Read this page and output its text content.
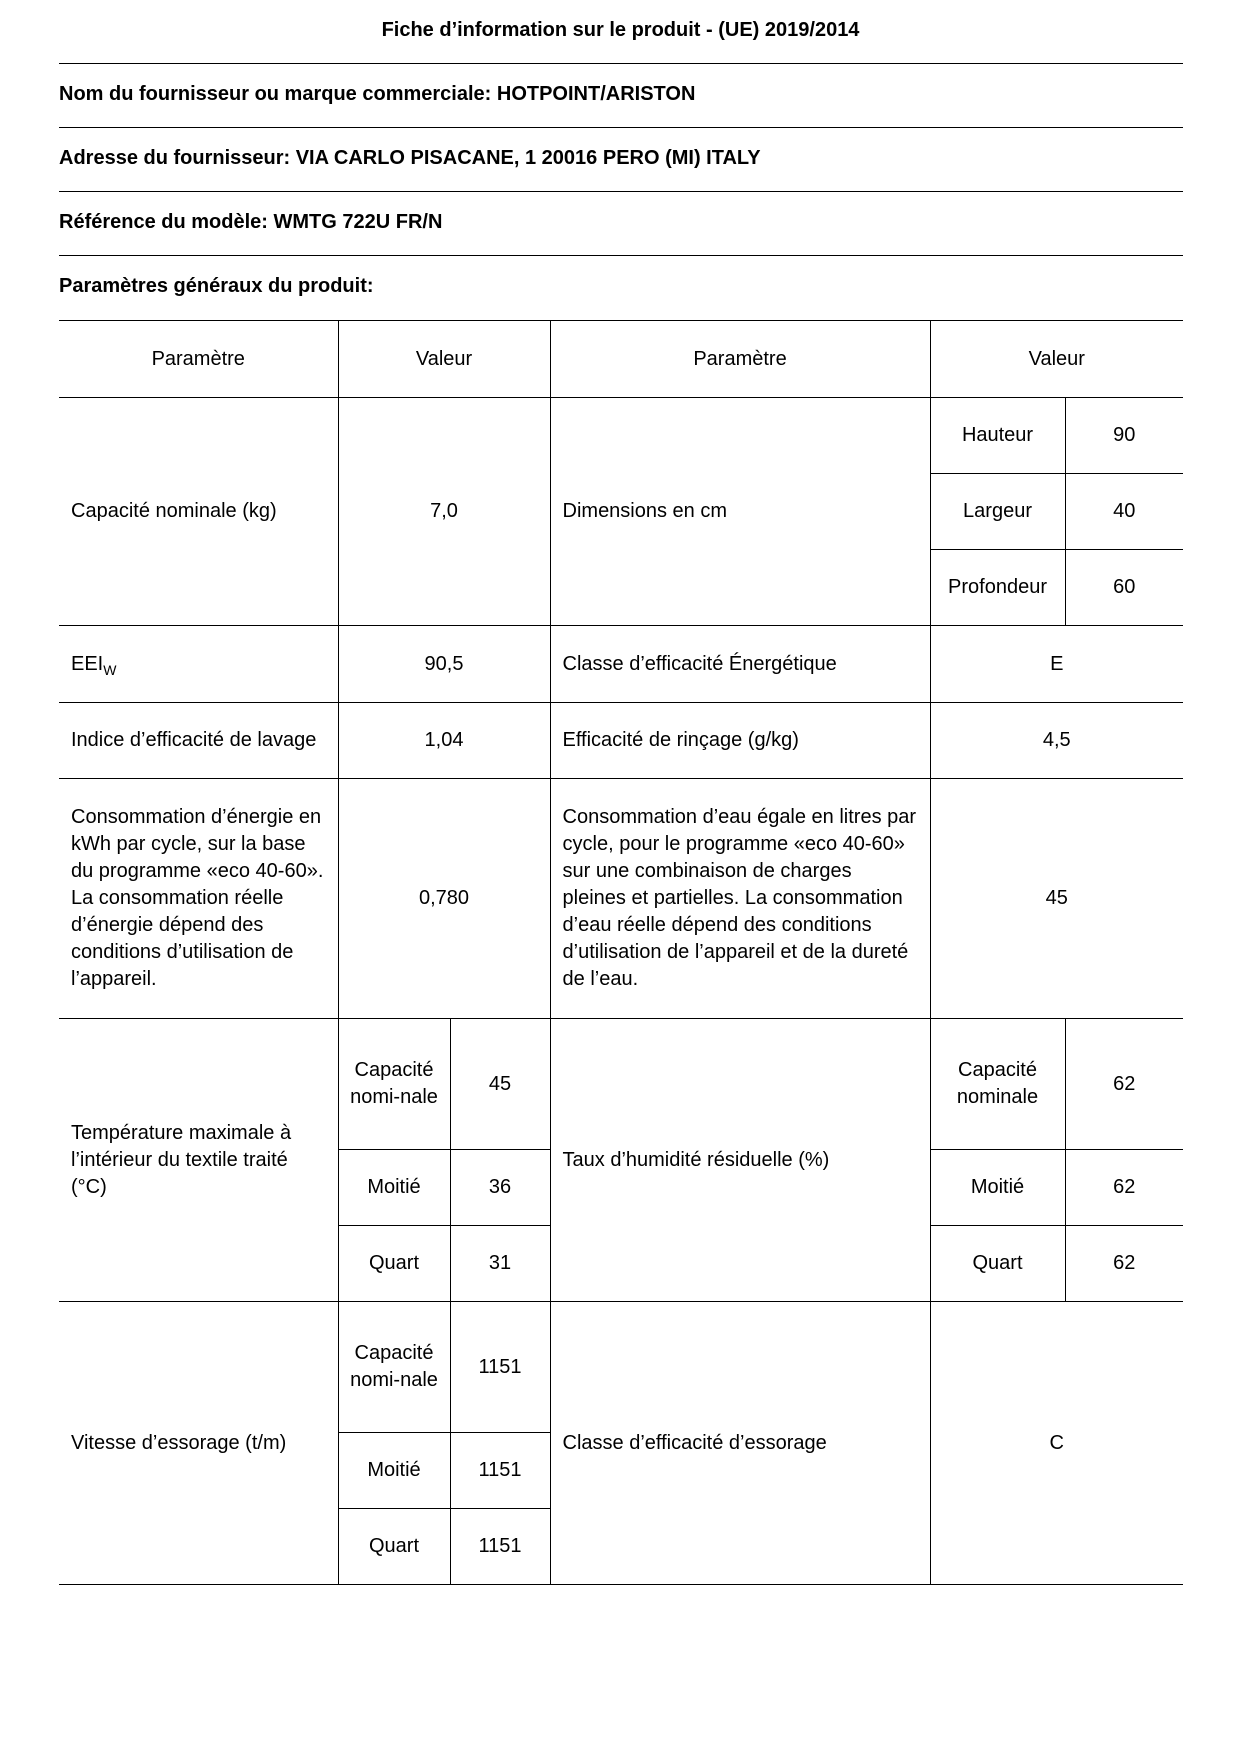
Fiche d’information sur le produit - (UE) 2019/2014
Nom du fournisseur ou marque commerciale: HOTPOINT/ARISTON
Adresse du fournisseur: VIA CARLO PISACANE, 1 20016 PERO (MI) ITALY
Référence du modèle: WMTG 722U FR/N
Paramètres généraux du produit:
Paramètre	Valeur		Paramètre	Valeur	
Capacité nominale (kg)	7,0		Dimensions en cm	Hauteur	90
				Largeur	40
				Profondeur	60
$EEI_W$	90,5		Classe d’efficacité Énergétique	E	
Indice d’efficacité de lavage	1,04		Efficacité de rinçage (g/kg)	4,5	
Consommation d’énergie en kWh par cycle, sur la base du programme «eco 40-60». La consommation réelle d’énergie dépend des conditions d’utilisation de l’appareil.	0,780		Consommation d’eau égale en litres par cycle, pour le programme «eco 40-60» sur une combinaison de charges pleines et partielles. La consommation d’eau réelle dépend des conditions d’utilisation de l’appareil et de la dureté de l’eau.	45	
Température maximale à l’intérieur du textile traité (°C)	Capacité nomi-nale	45	Taux d’humidité résiduelle (%)	Capacité nominale	62
	Moitié	36		Moitié	62
	Quart	31		Quart	62
Vitesse d’essorage (t/m)	Capacité nomi-nale	1151	Classe d’efficacité d’essorage	C	
	Moitié	1151			
	Quart	1151			
